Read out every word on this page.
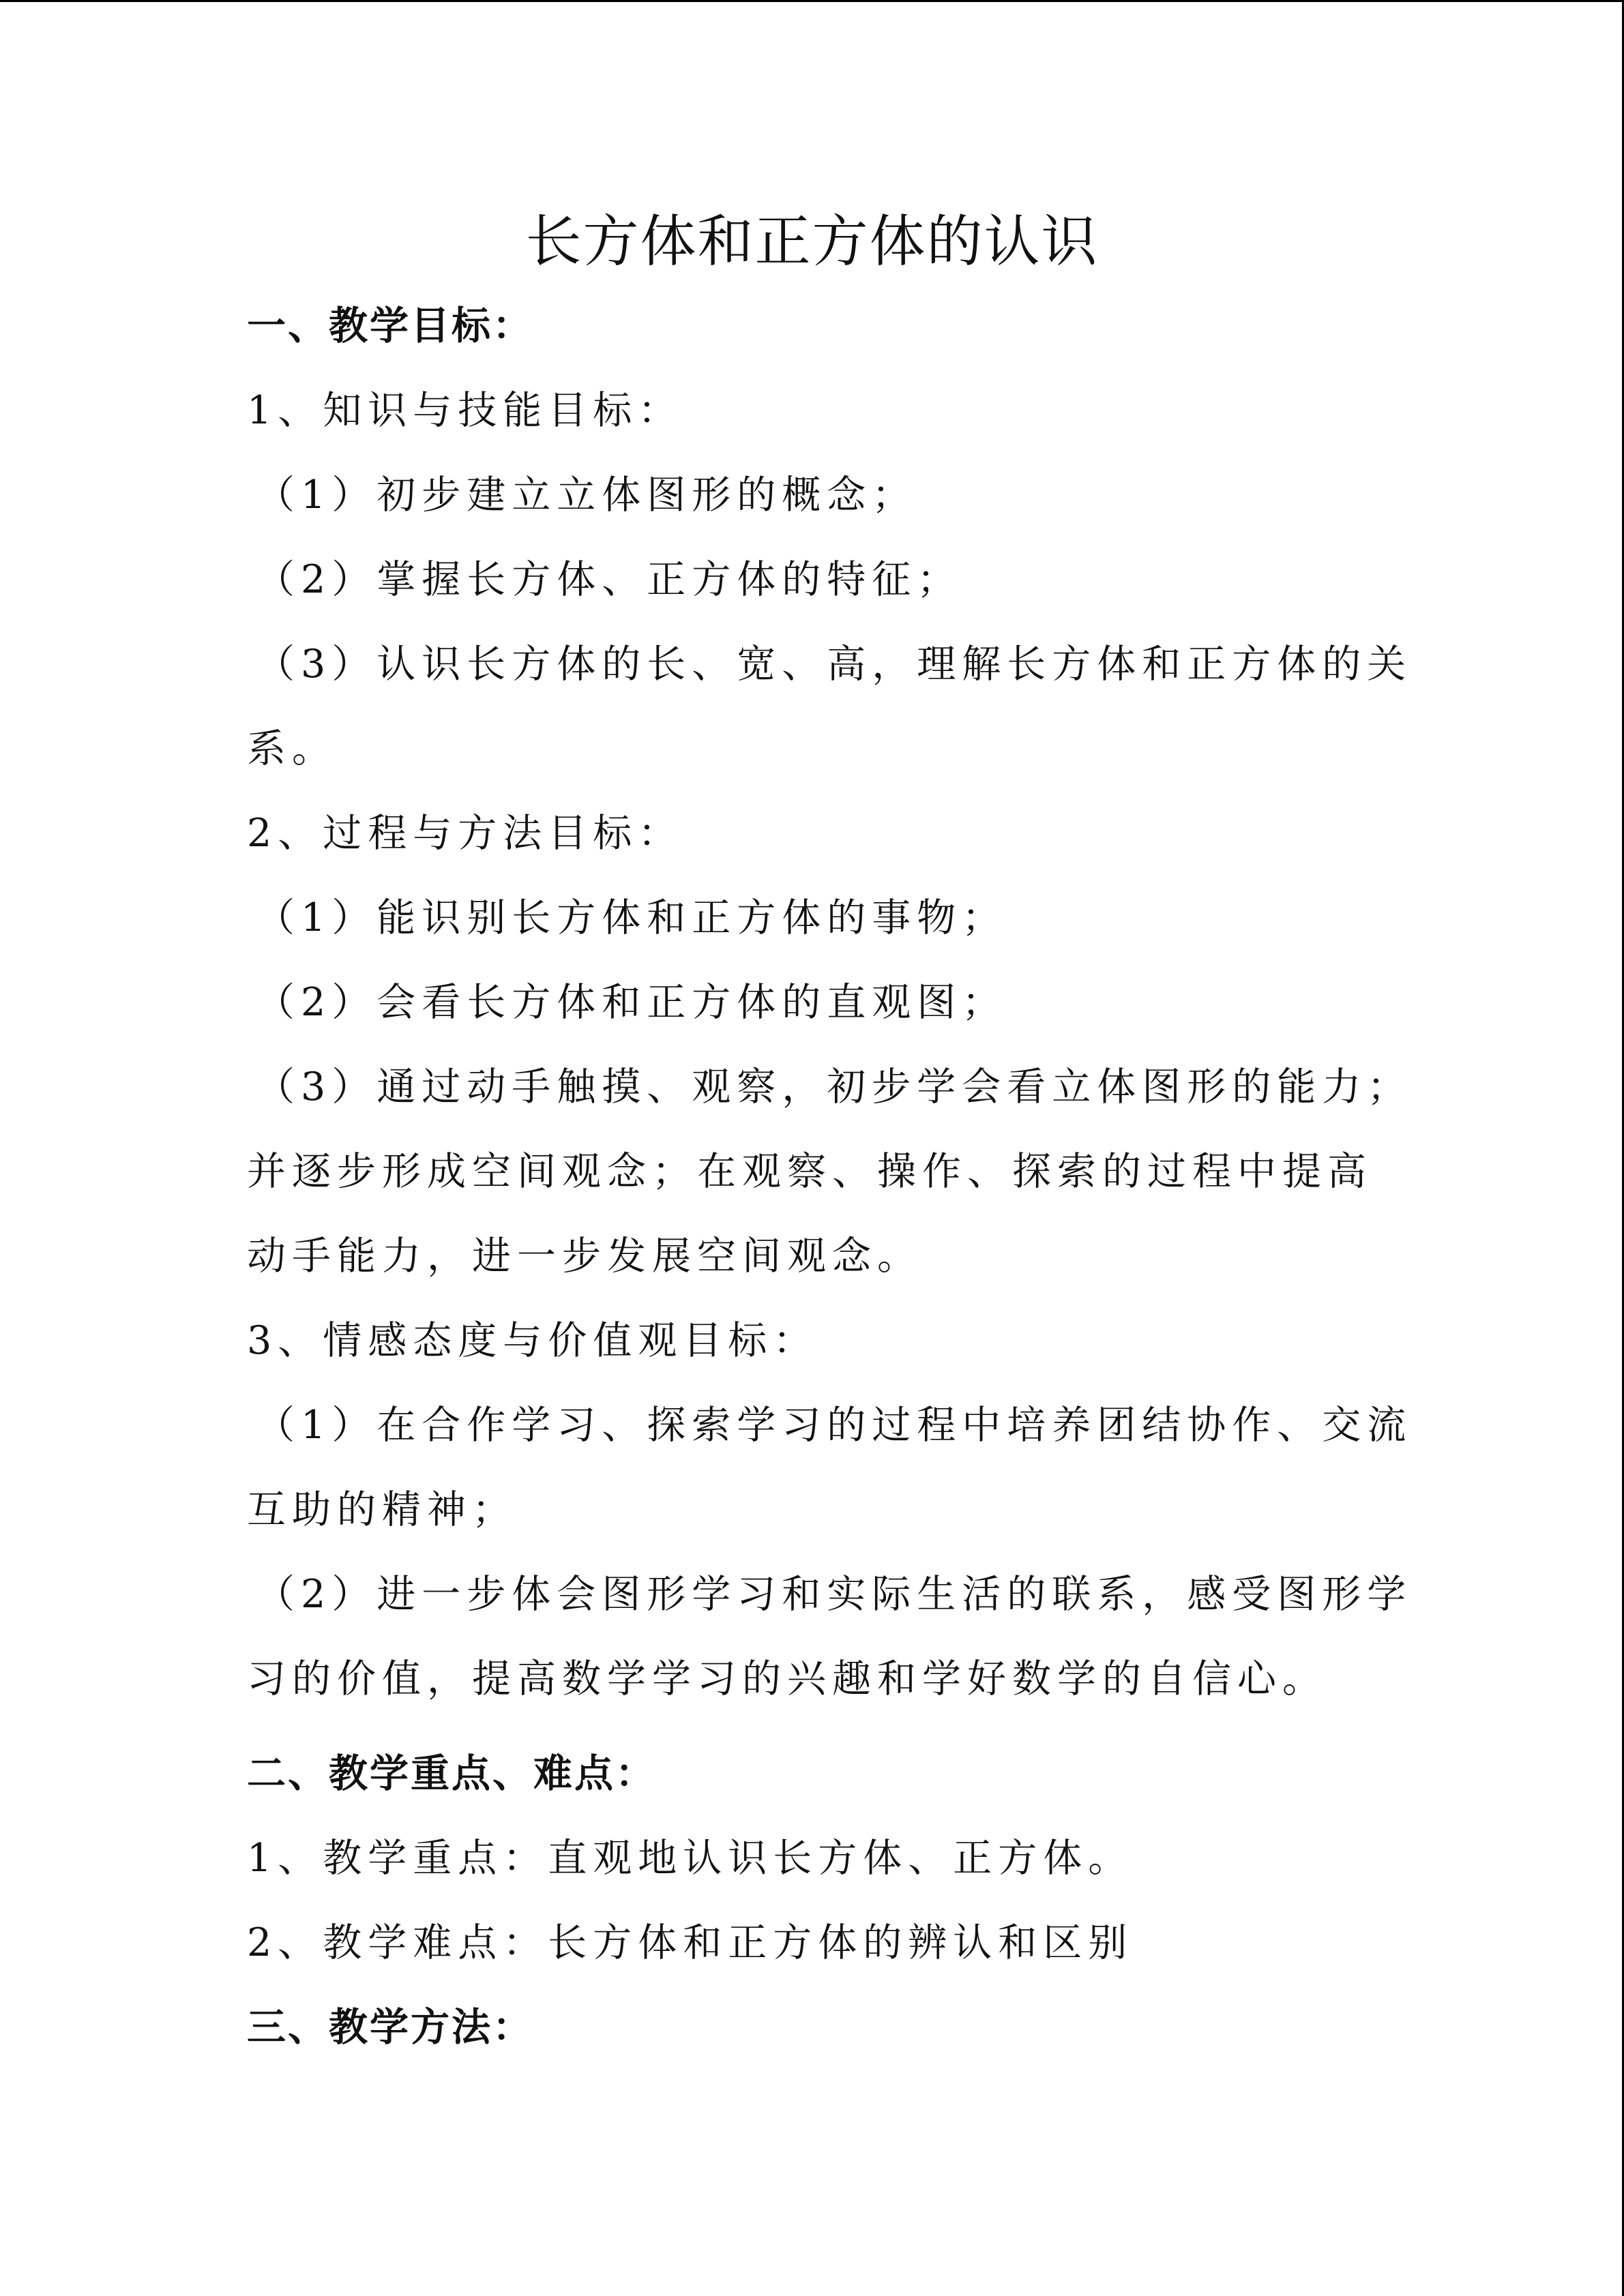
长方体和正方体的认识
一、教学目标：
1、知识与技能目标：
（1）初步建立立体图形的概念；
（2）掌握长方体、正方体的特征；
（3）认识长方体的长、宽、高，理解长方体和正方体的关
系。
2、过程与方法目标：
（1）能识别长方体和正方体的事物；
（2）会看长方体和正方体的直观图；
（3）通过动手触摸、观察，初步学会看立体图形的能力；
并逐步形成空间观念；在观察、操作、探索的过程中提高
动手能力，进一步发展空间观念。
3、情感态度与价值观目标：
（1）在合作学习、探索学习的过程中培养团结协作、交流
互助的精神；
（2）进一步体会图形学习和实际生活的联系，感受图形学
习的价值，提高数学学习的兴趣和学好数学的自信心。
二、教学重点、难点：
1、教学重点：直观地认识长方体、正方体。
2、教学难点：长方体和正方体的辨认和区别
三、教学方法：
